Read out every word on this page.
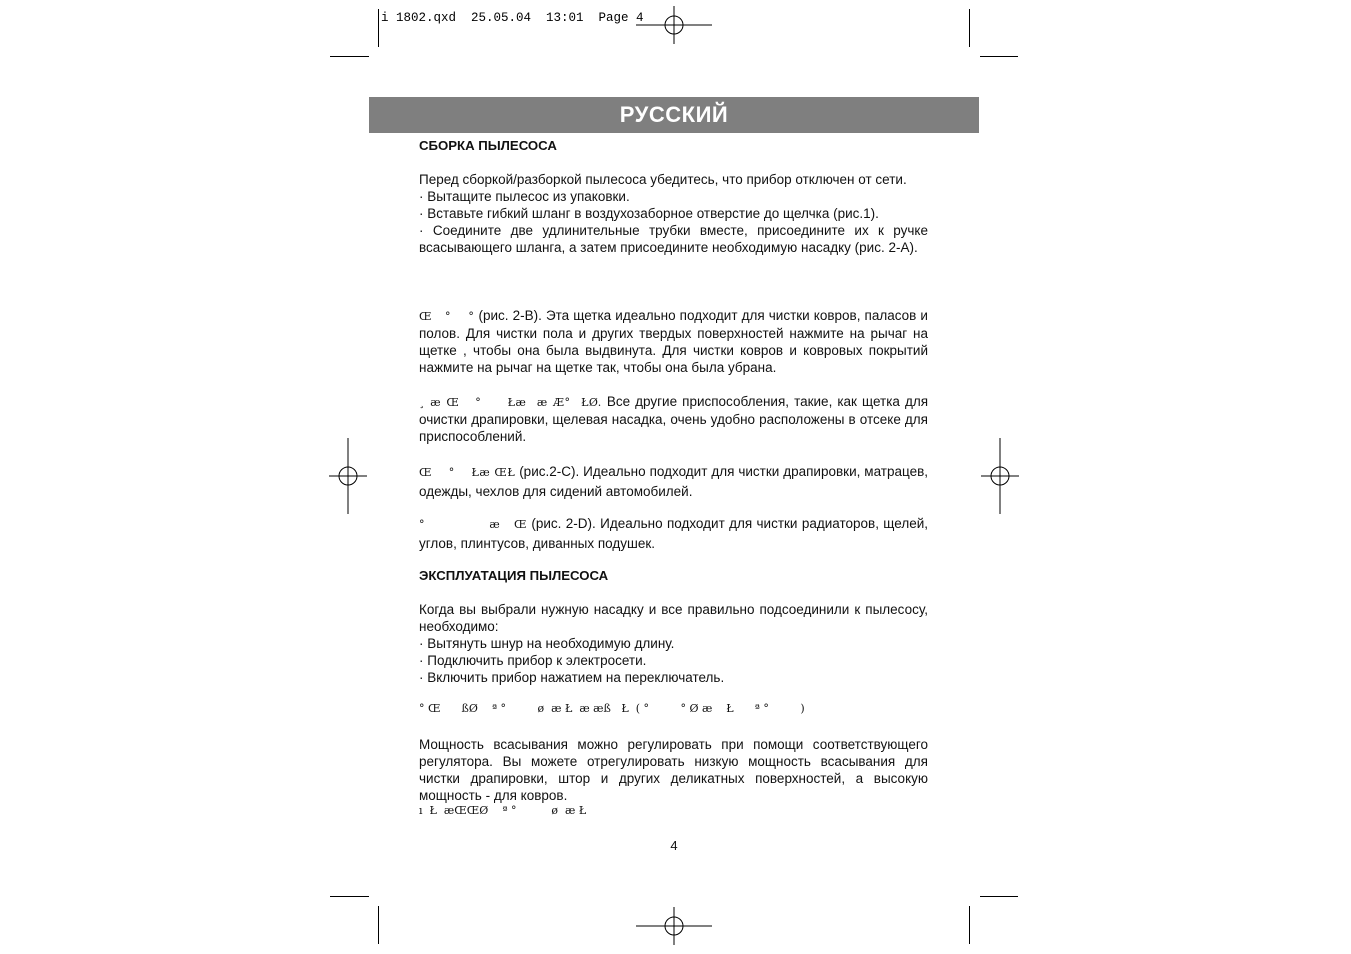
i 1802.qxd  25.05.04  13:01  Page 4
РУССКИЙ

СБОРКА ПЫЛЕСОСА

Перед сборкой/разборкой пылесоса убедитесь, что прибор отключен от сети.

· Вытащите пылесос из упаковки.

· Вставьте гибкий шланг в воздухозаборное отверстие до щелчка (рис.1).

· Соедините две удлинительные трубки вместе, присоедините их к ручке всасывающего шланга, а затем присоедините необходимую насадку (рис. 2-А).

Œ   °    ° (рис. 2-В). Эта щетка идеально подходит для чистки ковров, паласов и полов. Для чистки пола и других твердых поверхностей нажмите на рычаг на щетке , чтобы она была выдвинута. Для чистки ковров и ковровых покрытий нажмите на рычаг на щетке так, чтобы она была убрана.

¸ æ Œ   °     Łæ  æ Æ°  ŁØ. Все другие приспособления, такие, как щетка для очистки драпировки, щелевая насадка, очень удобно расположены в отсеке для приспособлений.

Œ    °    Łæ ŒŁ (рис.2-С). Идеально подходит для чистки драпировки, матрацев, одежды, чехлов для сидений автомобилей.

°              æ   Œ (рис. 2-D). Идеально подходит для чистки радиаторов, щелей, углов, плинтусов, диванных подушек.

ЭКСПЛУАТАЦИЯ ПЫЛЕСОСА

Когда вы выбрали нужную насадку и все правильно подсоединили к пылесосу, необходимо:

· Вытянуть шнур на необходимую длину.

· Подключить прибор к электросети.

· Включить прибор нажатием на переключатель.

° Œ      ßØ    ª °         ø  æ Ł  æ æß   Ł  ( °         ° Ø æ    Ł      ª °         )

Мощность всасывания можно регулировать при помощи соответствующего регулятора. Вы можете отрегулировать низкую мощность всасывания для чистки драпировки, штор и других деликатных поверхностей, а высокую мощность - для ковров.

ı  Ł  æŒŒØ    ª °          ø  æ Ł

4
